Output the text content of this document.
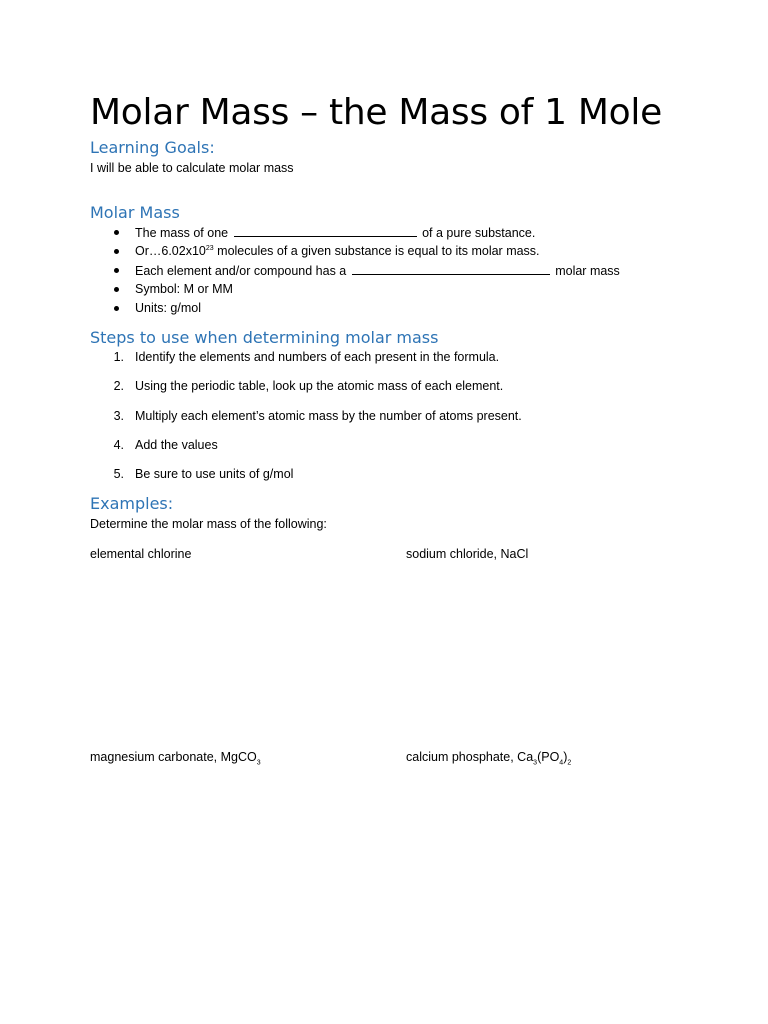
Molar Mass – the Mass of 1 Mole
Learning Goals:
I will be able to calculate molar mass
Molar Mass
The mass of one	of a pure substance.
$Or\dots 6.02x10^{23}$ molecules of a given substance is equal to its molar mass.
Each element and/or compound has a	molar mass
Symbol: M or MM
Units: g/mol
Steps to use when determining molar mass
1. Identify the elements and numbers of each present in the formula.
2. Using the periodic table, look up the atomic mass of each element.
3. Multiply each element’s atomic mass by the number of atoms present.
4. Add the values
5. Be sure to use units of g/mol
Examples:
Determine the molar mass of the following:
elemental chlorine	sodium chloride, NaCl
magnesium carbonate, MgCO$_3$	calcium phosphate, $Ca_3(PO_4)_2$
